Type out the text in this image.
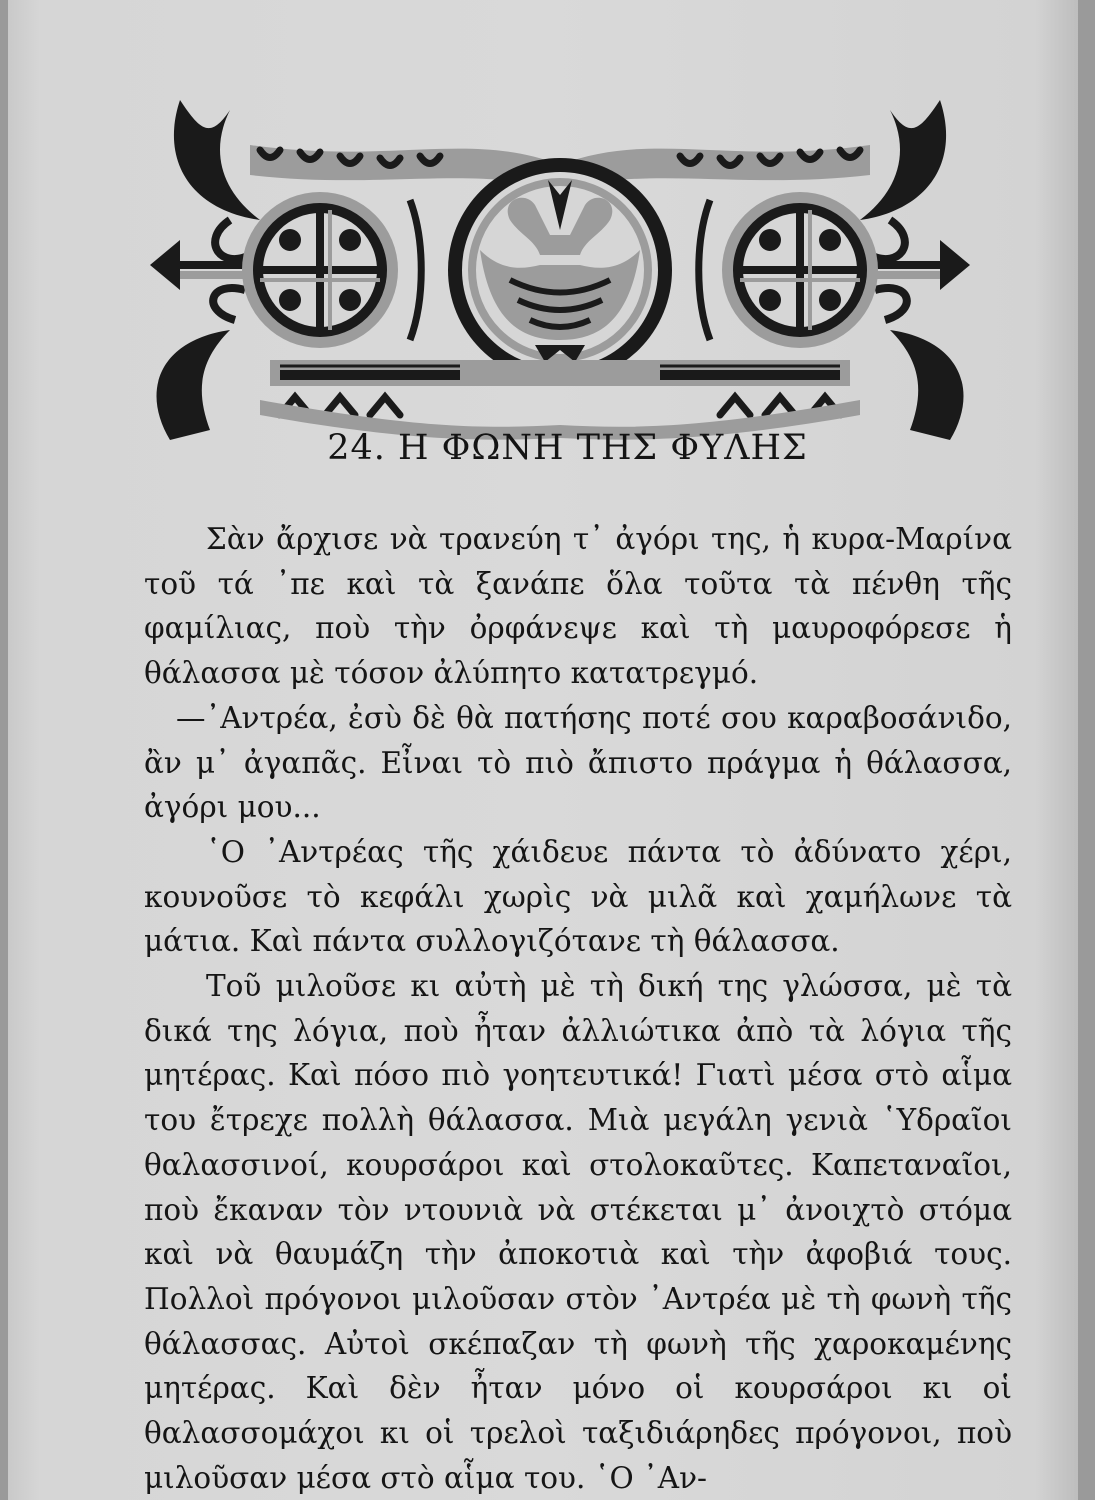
24. Η ΦΩΝΗ ΤΗΣ ΦΥΛΗΣ

Σὰν ἄρχισε νὰ τρανεύη τ᾽ ἀγόρι της, ἡ κυρα-Μαρίνα τοῦ τά ᾽πε καὶ τὰ ξανάπε ὅλα τοῦτα τὰ πένθη τῆς φαμίλιας, ποὺ τὴν ὀρφάνεψε καὶ τὴ μαυροφόρεσε ἡ θάλασσα μὲ τόσον ἀλύπητο κατατρεγμό.

—᾽Αντρέα, ἐσὺ δὲ θὰ πατήσης ποτέ σου καραβοσάνιδο, ἂν μ᾽ ἀγαπᾶς. Εἶναι τὸ πιὸ ἄπιστο πράγμα ἡ θάλασσα, ἀγόρι μου...

῾Ο ᾽Αντρέας τῆς χάιδευε πάντα τὸ ἀδύνατο χέρι, κουνοῦσε τὸ κεφάλι χωρὶς νὰ μιλᾶ καὶ χαμήλωνε τὰ μάτια. Καὶ πάντα συλλογιζότανε τὴ θάλασσα.

Τοῦ μιλοῦσε κι αὐτὴ μὲ τὴ δική της γλώσσα, μὲ τὰ δικά της λόγια, ποὺ ἦταν ἀλλιώτικα ἀπὸ τὰ λόγια τῆς μητέρας. Καὶ πόσο πιὸ γοητευτικά! Γιατὶ μέσα στὸ αἷμα του ἔτρεχε πολλὴ θάλασσα. Μιὰ μεγάλη γενιὰ ῾Υδραῖοι θαλασσινοί, κουρσάροι καὶ στολοκαῦτες. Καπεταναῖοι, ποὺ ἔκαναν τὸν ντουνιὰ νὰ στέκεται μ᾽ ἀνοιχτὸ στόμα καὶ νὰ θαυμάζη τὴν ἀποκοτιὰ καὶ τὴν ἀφοβιά τους. Πολλοὶ πρόγονοι μιλοῦσαν στὸν ᾽Αντρέα μὲ τὴ φωνὴ τῆς θάλασσας. Αὐτοὶ σκέπαζαν τὴ φωνὴ τῆς χαροκαμένης μητέρας. Καὶ δὲν ἦταν μόνο οἱ κουρσάροι κι οἱ θαλασσομάχοι κι οἱ τρελοὶ ταξιδιάρηδες πρόγονοι, ποὺ μιλοῦσαν μέσα στὸ αἷμα του. ῾Ο ᾽Αν-
